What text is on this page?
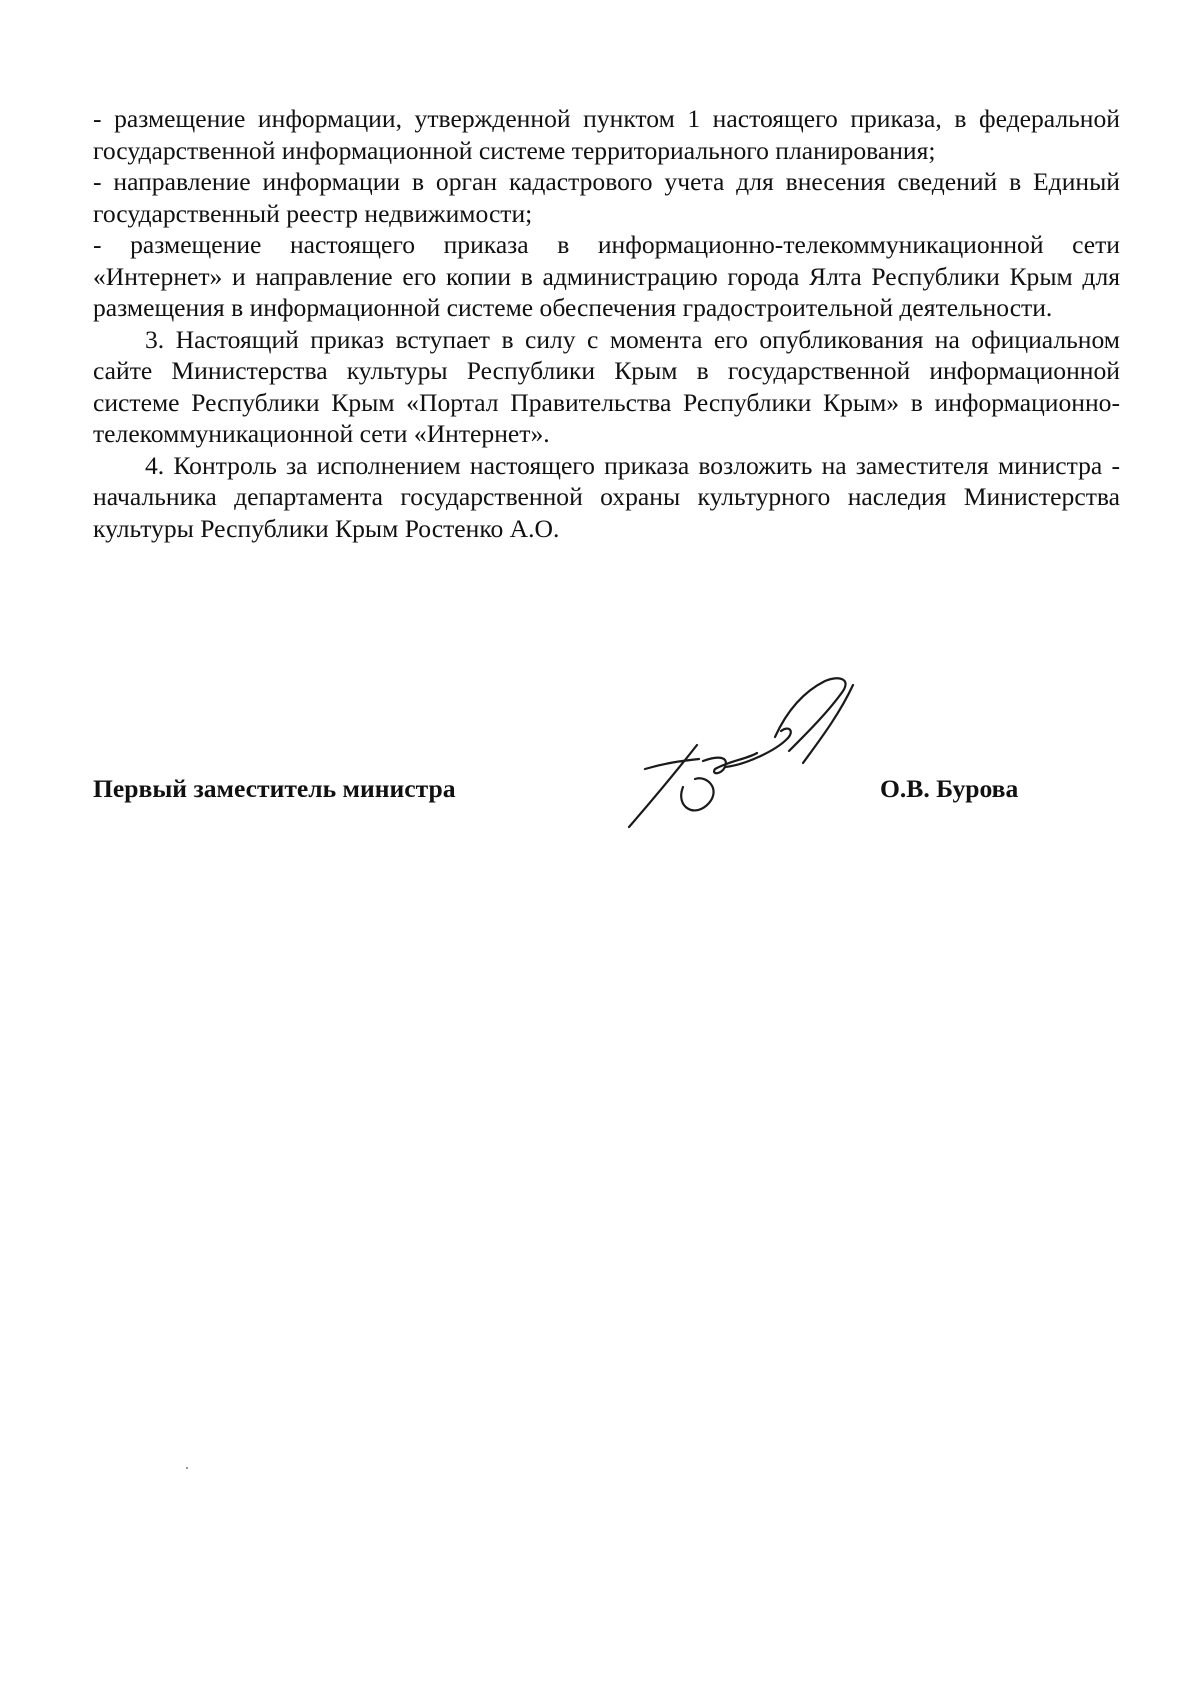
- размещение информации, утвержденной пунктом 1 настоящего приказа, в федеральной государственной информационной системе территориального планирования;

- направление информации в орган кадастрового учета для внесения сведений в Единый государственный реестр недвижимости;

- размещение настоящего приказа в информационно-телекоммуникационной сети «Интернет» и направление его копии в администрацию города Ялта Республики Крым для размещения в информационной системе обеспечения градостроительной деятельности.

3. Настоящий приказ вступает в силу с момента его опубликования на официальном сайте Министерства культуры Республики Крым в государственной информационной системе Республики Крым «Портал Правительства Республики Крым» в информационно-телекоммуникационной сети «Интернет».

4. Контроль за исполнением настоящего приказа возложить на заместителя министра - начальника департамента государственной охраны культурного наследия Министерства культуры Республики Крым Ростенко А.О.

Первый заместитель министра	О.В. Бурова
